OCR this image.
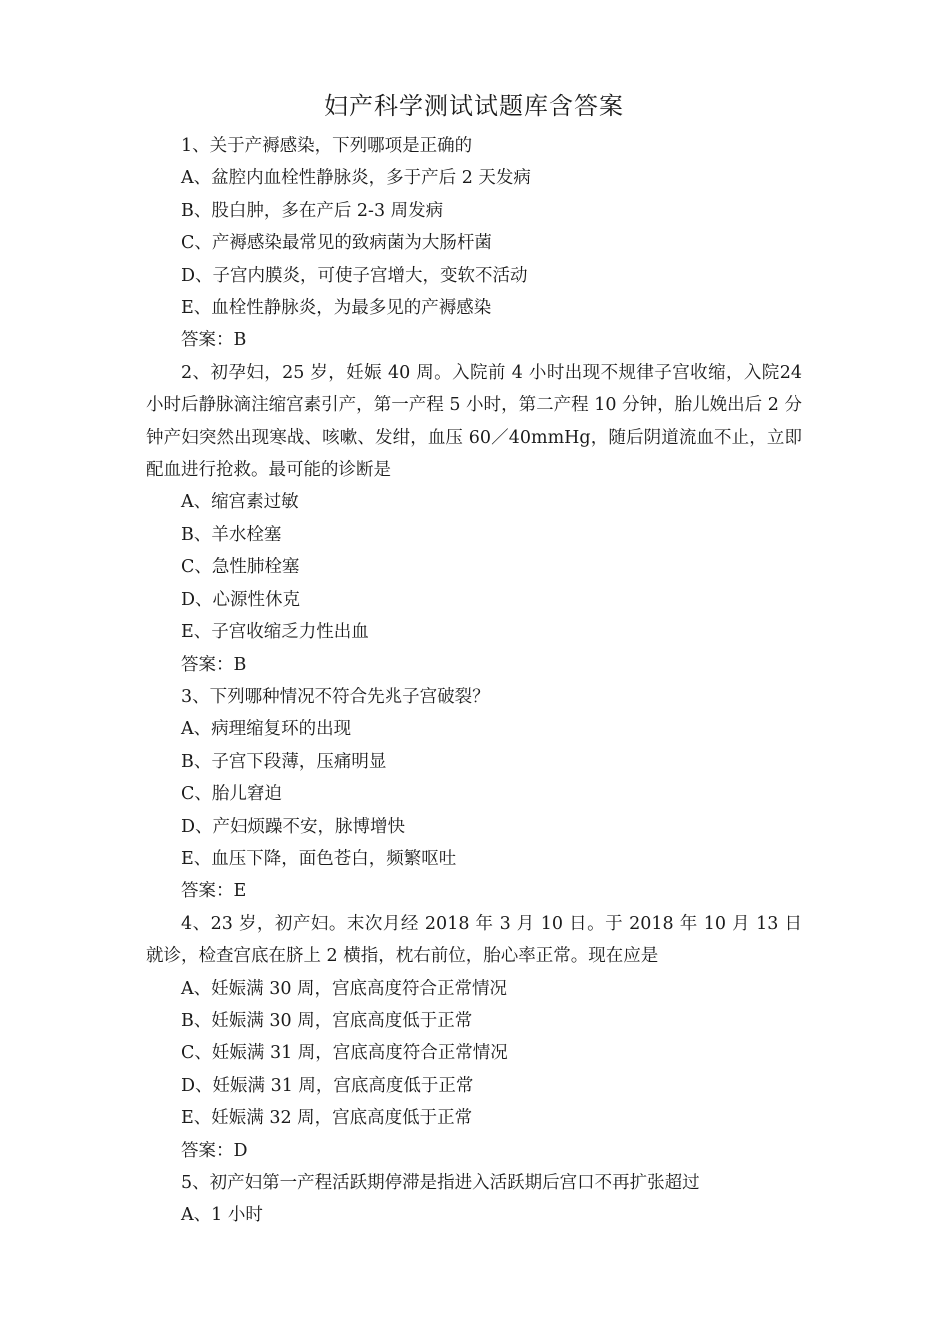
妇产科学测试试题库含答案

1、关于产褥感染，下列哪项是正确的

A、盆腔内血栓性静脉炎，多于产后 2 天发病

B、股白肿，多在产后 2-3 周发病

C、产褥感染最常见的致病菌为大肠杆菌

D、子宫内膜炎，可使子宫增大，变软不活动

E、血栓性静脉炎，为最多见的产褥感染

答案：B

2、初孕妇，25 岁，妊娠 40 周。入院前 4 小时出现不规律子宫收缩，入院24 小时后静脉滴注缩宫素引产，第一产程 5 小时，第二产程 10 分钟，胎儿娩出后 2 分钟产妇突然出现寒战、咳嗽、发绀，血压 60／40mmHg，随后阴道流血不止，立即配血进行抢救。最可能的诊断是

A、缩宫素过敏

B、羊水栓塞

C、急性肺栓塞

D、心源性休克

E、子宫收缩乏力性出血

答案：B

3、下列哪种情况不符合先兆子宫破裂？

A、病理缩复环的出现

B、子宫下段薄，压痛明显

C、胎儿窘迫

D、产妇烦躁不安，脉博增快

E、血压下降，面色苍白，频繁呕吐

答案：E

4、23 岁，初产妇。末次月经 2018 年 3 月 10 日。于 2018 年 10 月 13 日就诊，检查宫底在脐上 2 横指，枕右前位，胎心率正常。现在应是

A、妊娠满 30 周，宫底高度符合正常情况

B、妊娠满 30 周，宫底高度低于正常

C、妊娠满 31 周，宫底高度符合正常情况

D、妊娠满 31 周，宫底高度低于正常

E、妊娠满 32 周，宫底高度低于正常

答案：D

5、初产妇第一产程活跃期停滞是指进入活跃期后宫口不再扩张超过

A、1 小时
